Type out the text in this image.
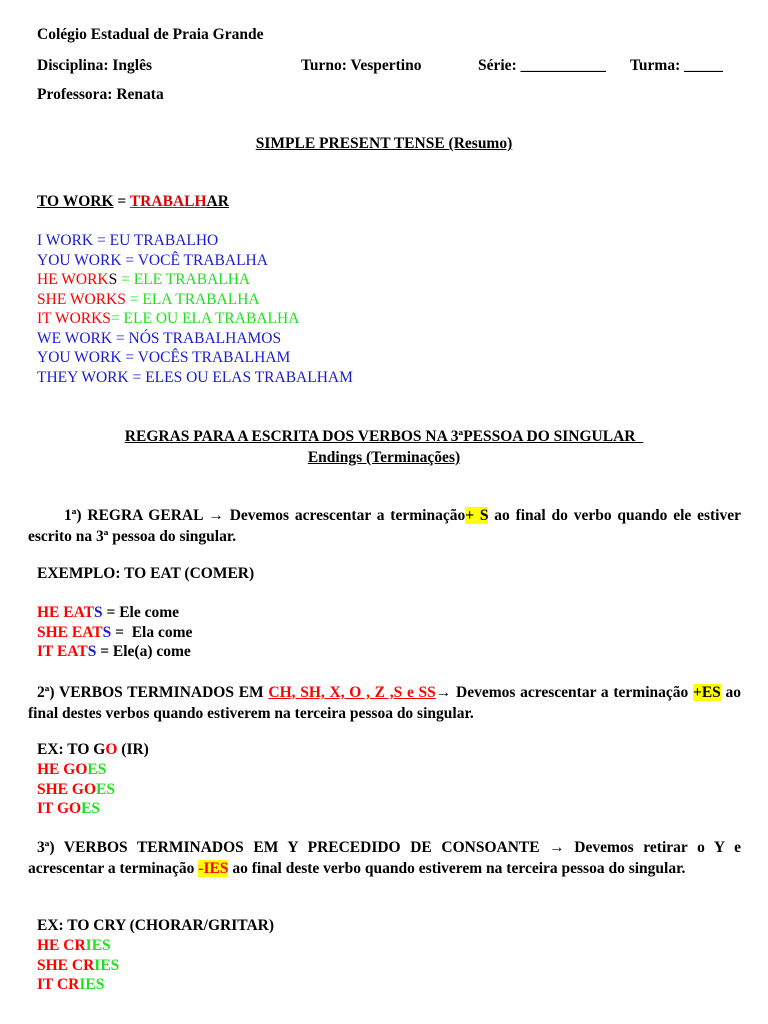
Colégio Estadual de Praia Grande
Disciplina: Inglês	Turno: Vespertino	Série: ___________ Turma: _____
Professora: Renata
SIMPLE PRESENT TENSE (Resumo)
TO WORK = TRABALHAR
I WORK = EU TRABALHO
YOU WORK = VOCÊ TRABALHA
HE WORKS = ELE TRABALHA
SHE WORKS = ELA TRABALHA
IT WORKS= ELE OU ELA TRABALHA
WE WORK = NÓS TRABALHAMOS
YOU WORK = VOCÊS TRABALHAM
THEY WORK = ELES OU ELAS TRABALHAM
REGRAS PARA A ESCRITA DOS VERBOS NA 3ªPESSOA DO SINGULAR
Endings (Terminações)
1ª) REGRA GERAL → Devemos acrescentar a terminação+ S ao final do verbo quando ele estiver escrito na 3ª pessoa do singular.
EXEMPLO: TO EAT (COMER)
HE EATS = Ele come
SHE EATS =  Ela come
IT EATS = Ele(a) come
2ª) VERBOS TERMINADOS EM CH, SH, X, O , Z ,S e SS→ Devemos acrescentar a terminação +ES ao final destes verbos quando estiverem na terceira pessoa do singular.
EX: TO GO (IR)
HE GOES
SHE GOES
IT GOES
3ª) VERBOS TERMINADOS EM Y PRECEDIDO DE CONSOANTE → Devemos retirar o Y e acrescentar a terminação -IES ao final deste verbo quando estiverem na terceira pessoa do singular.
EX: TO CRY (CHORAR/GRITAR)
HE CRIES
SHE CRIES
IT CRIES
